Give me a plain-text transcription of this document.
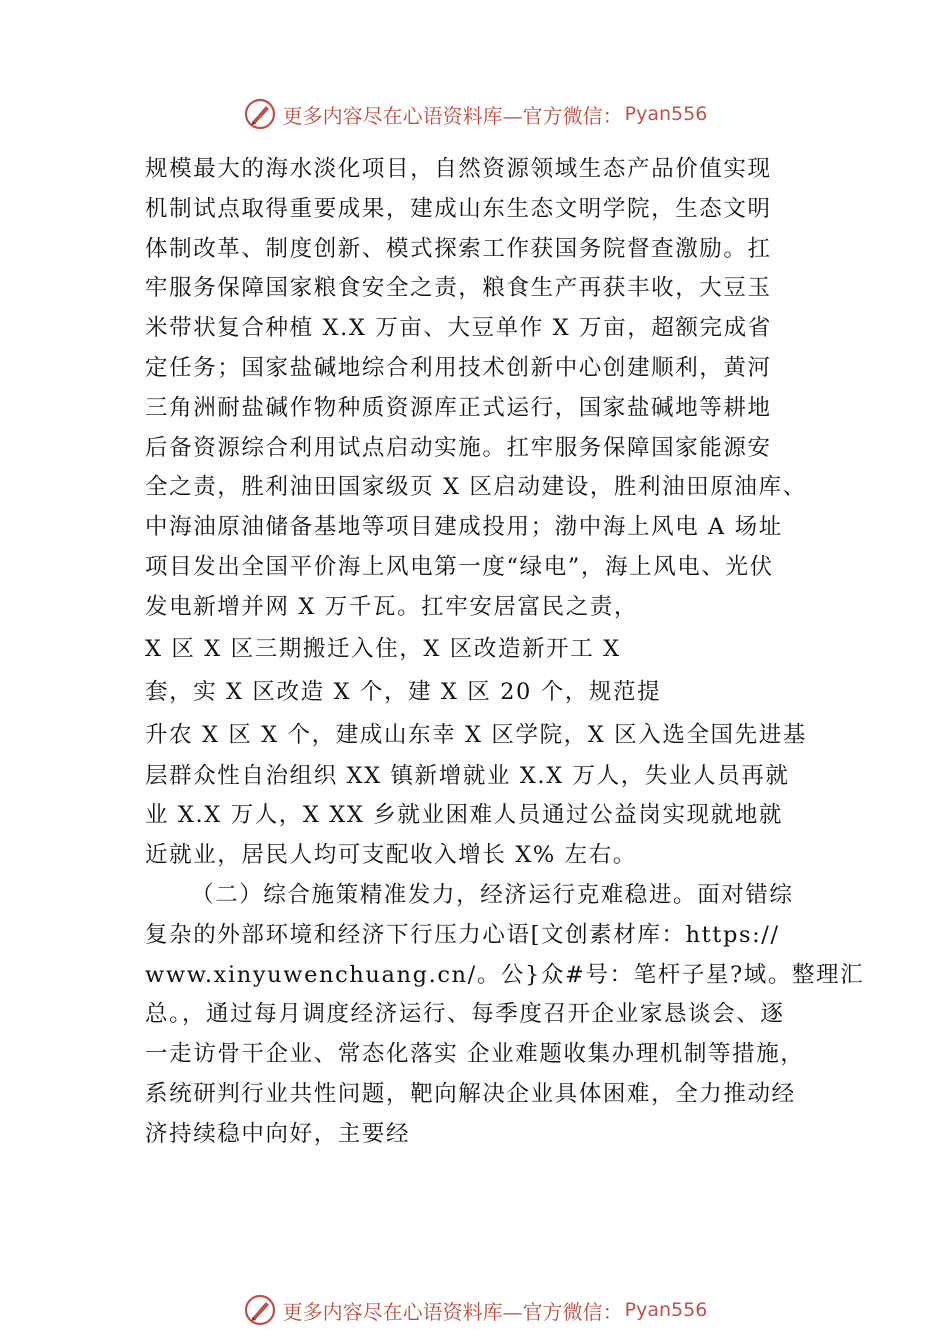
更多内容尽在心语资料库—官方微信： Pyan556
规模最大的海水淡化项目，自然资源领域生态产品价值实现
机制试点取得重要成果，建成山东生态文明学院，生态文明
体制改革、制度创新、模式探索工作获国务院督查激励。扛
牢服务保障国家粮食安全之责，粮食生产再获丰收，大豆玉
米带状复合种植 X.X 万亩、大豆单作 X 万亩，超额完成省
定任务；国家盐碱地综合利用技术创新中心创建顺利，黄河
三角洲耐盐碱作物种质资源库正式运行，国家盐碱地等耕地
后备资源综合利用试点启动实施。扛牢服务保障国家能源安
全之责，胜利油田国家级页 X 区启动建设，胜利油田原油库、
中海油原油储备基地等项目建成投用；渤中海上风电 A 场址
项目发出全国平价海上风电第一度“绿电”，海上风电、光伏
发电新增并网 X 万千瓦。扛牢安居富民之责，
X 区 X 区三期搬迁入住，X 区改造新开工 X
套，实 X 区改造 X 个，建 X 区 20 个，规范提
升农 X 区 X 个，建成山东幸 X 区学院，X 区入选全国先进基
层群众性自治组织 XX 镇新增就业 X.X 万人，失业人员再就
业 X.X 万人，X XX 乡就业困难人员通过公益岗实现就地就
近就业，居民人均可支配收入增长 X% 左右。
（二）综合施策精准发力，经济运行克难稳进。面对错综
复杂的外部环境和经济下行压力心语[文创素材库：https://
www.xinyuwenchuang.cn/。公}众#号：笔杆子星?域。整理汇
总。，通过每月调度经济运行、每季度召开企业家恳谈会、逐
一走访骨干企业、常态化落实 企业难题收集办理机制等措施，
系统研判行业共性问题，靶向解决企业具体困难，全力推动经
济持续稳中向好，主要经
更多内容尽在心语资料库—官方微信： Pyan556
